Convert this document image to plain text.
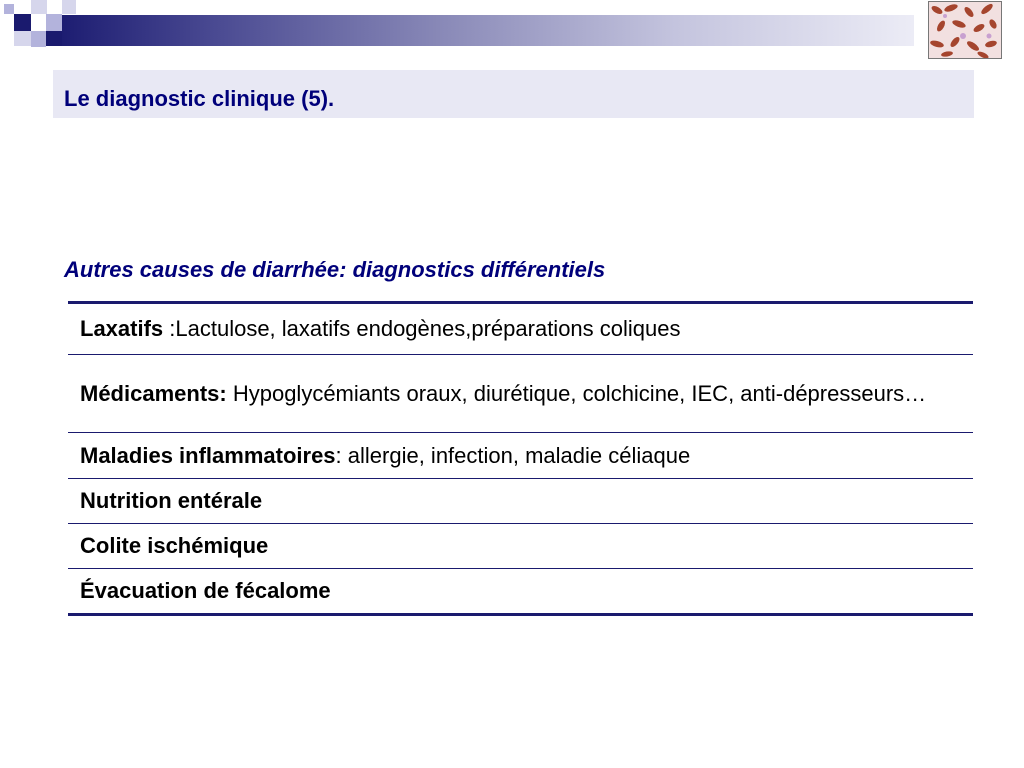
Le diagnostic clinique (5).
Autres causes de diarrhée: diagnostics différentiels
Laxatifs :Lactulose, laxatifs endogènes,préparations coliques
Médicaments: Hypoglycémiants oraux, diurétique, colchicine, IEC, anti-dépresseurs…
Maladies inflammatoires: allergie, infection, maladie céliaque
Nutrition entérale
Colite ischémique
Évacuation de fécalome
